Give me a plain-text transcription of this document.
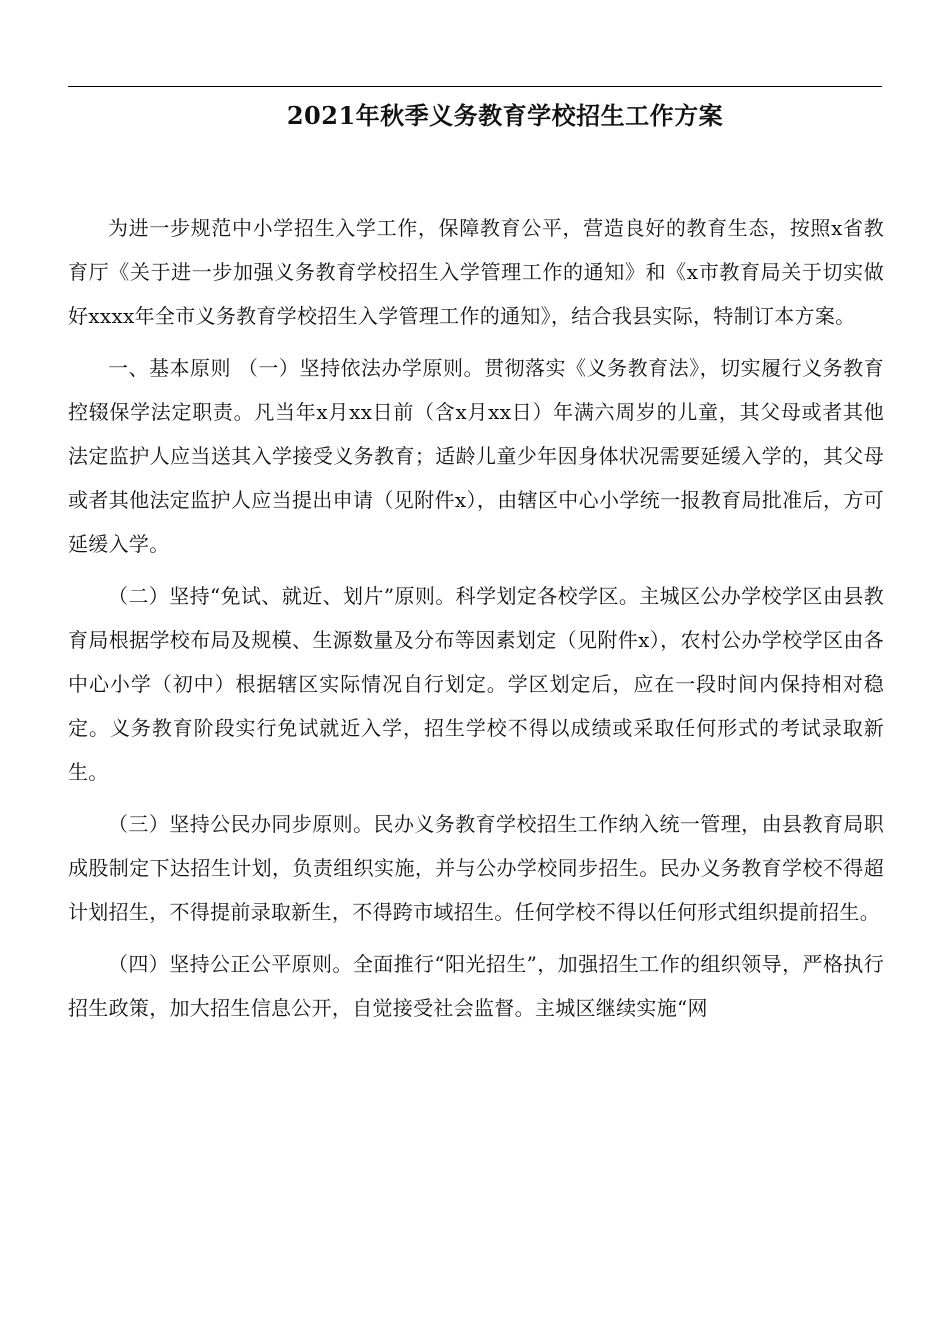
2021年秋季义务教育学校招生工作方案

为进一步规范中小学招生入学工作，保障教育公平，营造良好的教育生态，按照x省教育厅《关于进一步加强义务教育学校招生入学管理工作的通知》和《x市教育局关于切实做好xxxx年全市义务教育学校招生入学管理工作的通知》，结合我县实际，特制订本方案。

一、基本原则 （一）坚持依法办学原则。贯彻落实《义务教育法》，切实履行义务教育控辍保学法定职责。凡当年x月xx日前（含x月xx日）年满六周岁的儿童，其父母或者其他法定监护人应当送其入学接受义务教育；适龄儿童少年因身体状况需要延缓入学的，其父母或者其他法定监护人应当提出申请（见附件x），由辖区中心小学统一报教育局批准后，方可延缓入学。

（二）坚持“免试、就近、划片”原则。科学划定各校学区。主城区公办学校学区由县教育局根据学校布局及规模、生源数量及分布等因素划定（见附件x），农村公办学校学区由各中心小学（初中）根据辖区实际情况自行划定。学区划定后，应在一段时间内保持相对稳定。义务教育阶段实行免试就近入学，招生学校不得以成绩或采取任何形式的考试录取新生。

（三）坚持公民办同步原则。民办义务教育学校招生工作纳入统一管理，由县教育局职成股制定下达招生计划，负责组织实施，并与公办学校同步招生。民办义务教育学校不得超计划招生，不得提前录取新生，不得跨市域招生。任何学校不得以任何形式组织提前招生。

（四）坚持公正公平原则。全面推行“阳光招生”，加强招生工作的组织领导，严格执行招生政策，加大招生信息公开，自觉接受社会监督。主城区继续实施“网
